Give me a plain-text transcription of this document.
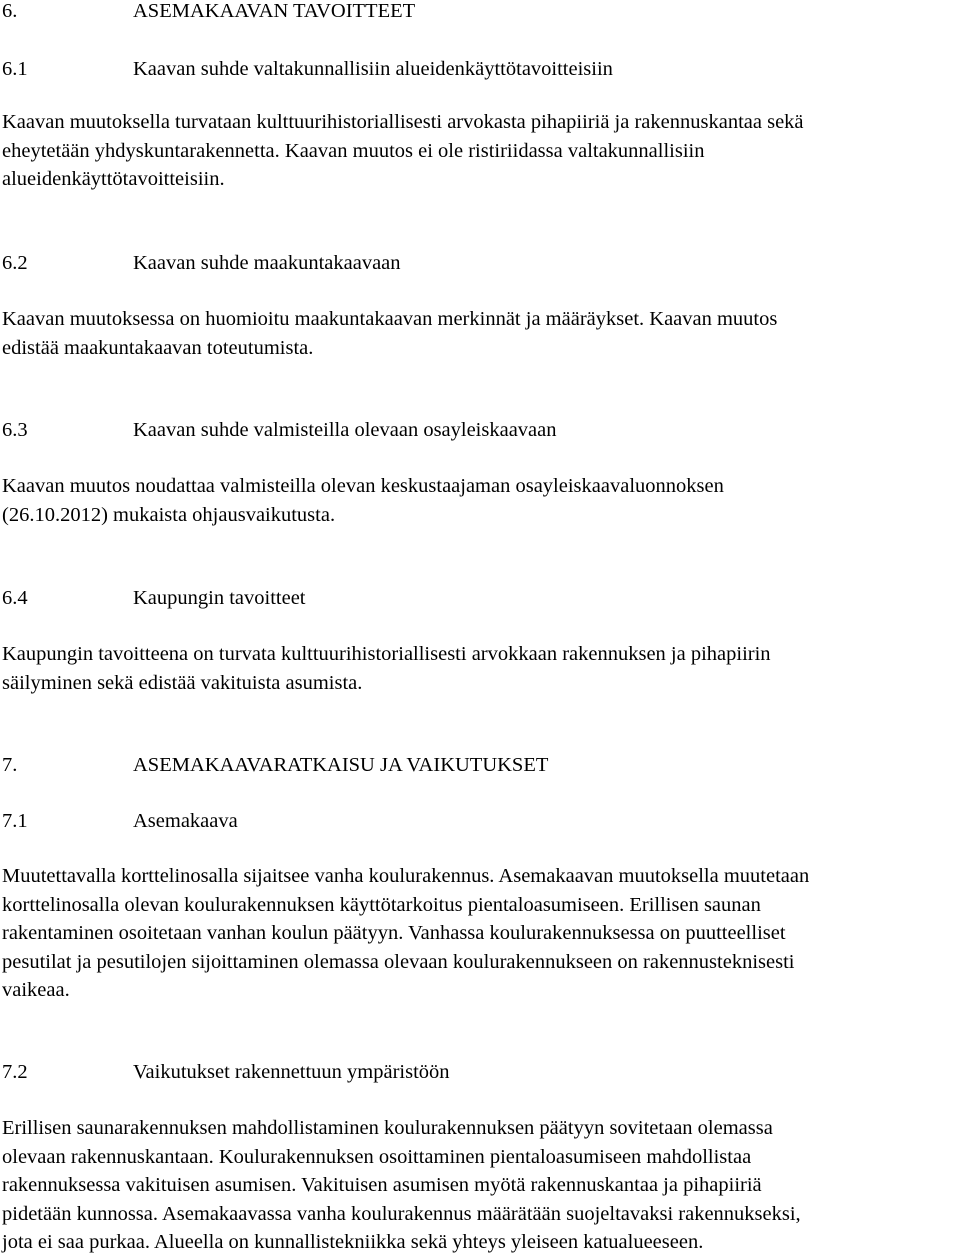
6.	ASEMAKAAVAN TAVOITTEET
6.1	Kaavan suhde valtakunnallisiin alueidenkäyttötavoitteisiin

Kaavan muutoksella turvataan kulttuurihistoriallisesti arvokasta pihapiiriä ja rakennuskantaa sekä
eheytetään yhdyskuntarakennetta. Kaavan muutos ei ole ristiriidassa valtakunnallisiin
alueidenkäyttötavoitteisiin.

6.2	Kaavan suhde maakuntakaavaan

Kaavan muutoksessa on huomioitu maakuntakaavan merkinnät ja määräykset. Kaavan muutos
edistää maakuntakaavan toteutumista.

6.3	Kaavan suhde valmisteilla olevaan osayleiskaavaan

Kaavan muutos noudattaa valmisteilla olevan keskustaajaman osayleiskaavaluonnoksen
(26.10.2012) mukaista ohjausvaikutusta.

6.4	Kaupungin tavoitteet

Kaupungin tavoitteena on turvata kulttuurihistoriallisesti arvokkaan rakennuksen ja pihapiirin
säilyminen sekä edistää vakituista asumista.

7.	ASEMAKAAVARATKAISU JA VAIKUTUKSET
7.1	Asemakaava

Muutettavalla korttelinosalla sijaitsee vanha koulurakennus. Asemakaavan muutoksella muutetaan
korttelinosalla olevan koulurakennuksen käyttötarkoitus pientaloasumiseen. Erillisen saunan
rakentaminen osoitetaan vanhan koulun päätyyn. Vanhassa koulurakennuksessa on puutteelliset
pesutilat ja pesutilojen sijoittaminen olemassa olevaan koulurakennukseen on rakennusteknisesti
vaikeaa.

7.2	Vaikutukset rakennettuun ympäristöön

Erillisen saunarakennuksen mahdollistaminen koulurakennuksen päätyyn sovitetaan olemassa
olevaan rakennuskantaan. Koulurakennuksen osoittaminen pientaloasumiseen mahdollistaa
rakennuksessa vakituisen asumisen. Vakituisen asumisen myötä rakennuskantaa ja pihapiiriä
pidetään kunnossa. Asemakaavassa vanha koulurakennus määrätään suojeltavaksi rakennukseksi,
jota ei saa purkaa. Alueella on kunnallistekniikka sekä yhteys yleiseen katualueeseen.
